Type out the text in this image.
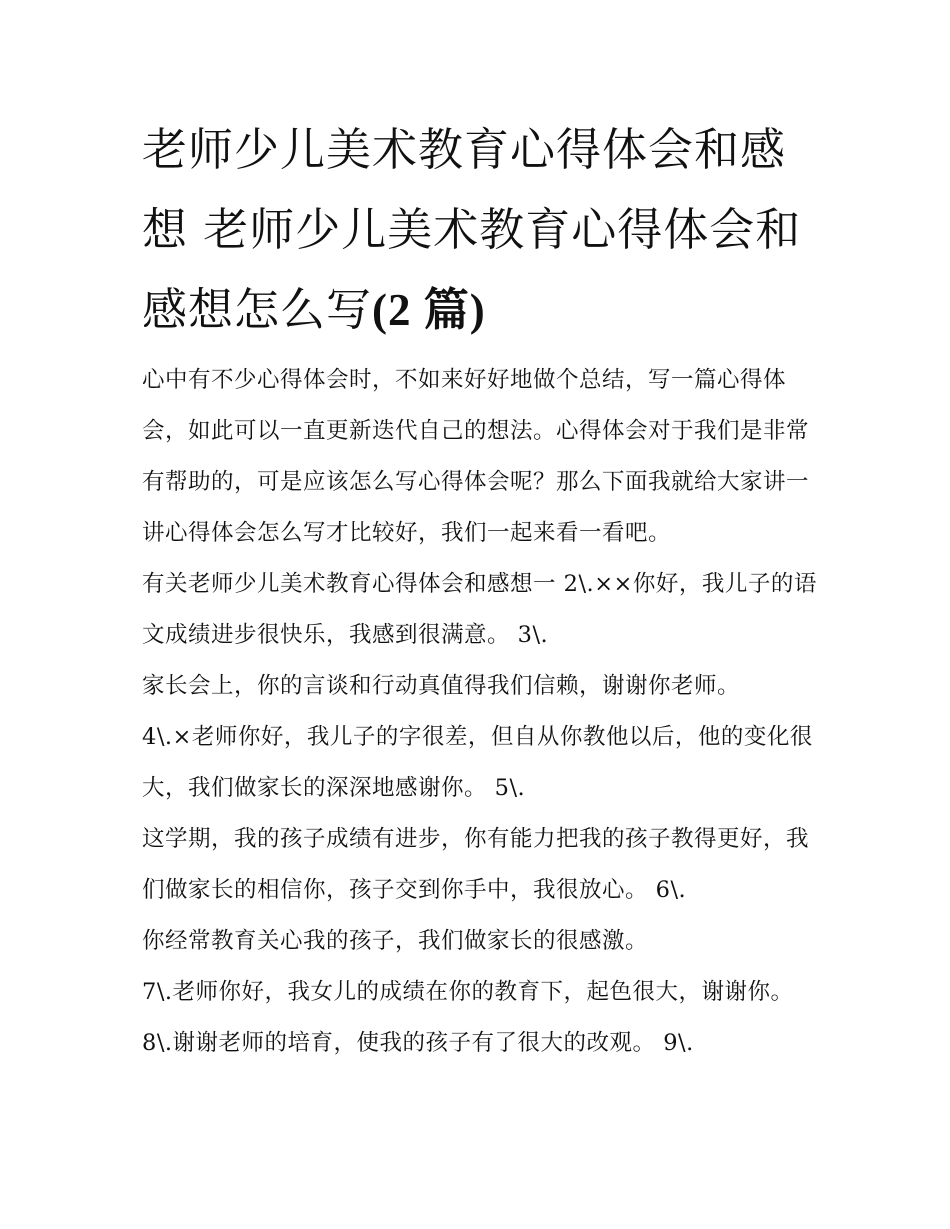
老师少儿美术教育心得体会和感想 老师少儿美术教育心得体会和感想怎么写(2 篇)

心中有不少心得体会时，不如来好好地做个总结，写一篇心得体会，如此可以一直更新迭代自己的想法。心得体会对于我们是非常有帮助的，可是应该怎么写心得体会呢？那么下面我就给大家讲一讲心得体会怎么写才比较好，我们一起来看一看吧。

有关老师少儿美术教育心得体会和感想一 2\.××你好，我儿子的语文成绩进步很快乐，我感到很满意。 3\.

家长会上，你的言谈和行动真值得我们信赖，谢谢你老师。

4\.×老师你好，我儿子的字很差，但自从你教他以后，他的变化很大，我们做家长的深深地感谢你。 5\.

这学期，我的孩子成绩有进步，你有能力把我的孩子教得更好，我们做家长的相信你，孩子交到你手中，我很放心。 6\.

你经常教育关心我的孩子，我们做家长的很感激。

7\.老师你好，我女儿的成绩在你的教育下，起色很大，谢谢你。 8\.谢谢老师的培育，使我的孩子有了很大的改观。 9\.
